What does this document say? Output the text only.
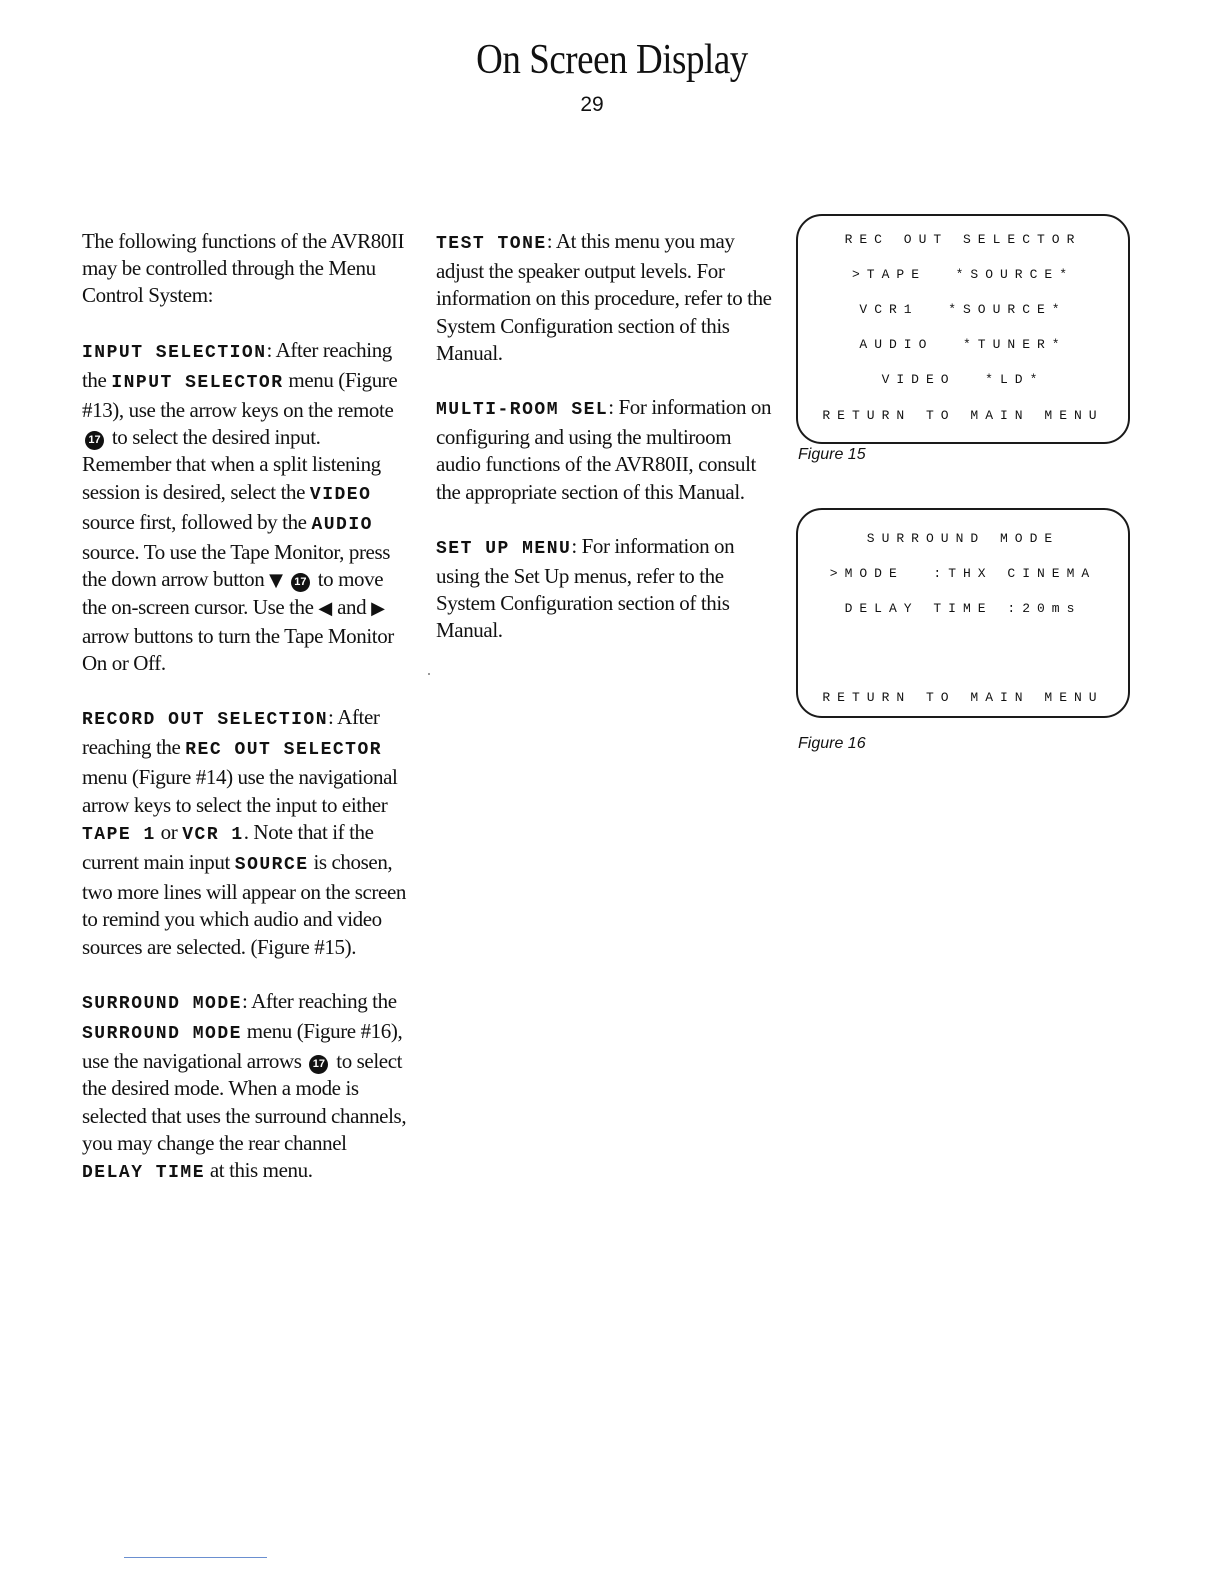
On Screen Display
29

The following functions of the AVR80II may be controlled through the Menu Control System:

INPUT SELECTION: After reaching the INPUT SELECTOR menu (Figure #13), use the arrow keys on the remote 17 to select the desired input. Remember that when a split listening session is desired, select the VIDEO source first, followed by the AUDIO source. To use the Tape Monitor, press the down arrow button ▼ 17 to move the on-screen cursor. Use the ◀ and ▶ arrow buttons to turn the Tape Monitor On or Off.

RECORD OUT SELECTION: After reaching the REC OUT SELECTOR menu (Figure #14) use the navigational arrow keys to select the input to either TAPE 1 or VCR 1. Note that if the current main input SOURCE is chosen, two more lines will appear on the screen to remind you which audio and video sources are selected. (Figure #15).

SURROUND MODE: After reaching the SURROUND MODE menu (Figure #16), use the navigational arrows 17 to select the desired mode. When a mode is selected that uses the surround channels, you may change the rear channel DELAY TIME at this menu.

TEST TONE: At this menu you may adjust the speaker output levels. For information on this procedure, refer to the System Configuration section of this Manual.

MULTI-ROOM SEL: For information on configuring and using the multiroom audio functions of the AVR80II, consult the appropriate section of this Manual.

SET UP MENU: For information on using the Set Up menus, refer to the System Configuration section of this Manual.

REC OUT SELECTOR
>TAPE  *SOURCE*
VCR1  *SOURCE*
AUDIO  *TUNER*
VIDEO  *LD*
RETURN TO MAIN MENU
Figure 15
SURROUND MODE
>MODE  :THX CINEMA
DELAY TIME :20ms
RETURN TO MAIN MENU
Figure 16
